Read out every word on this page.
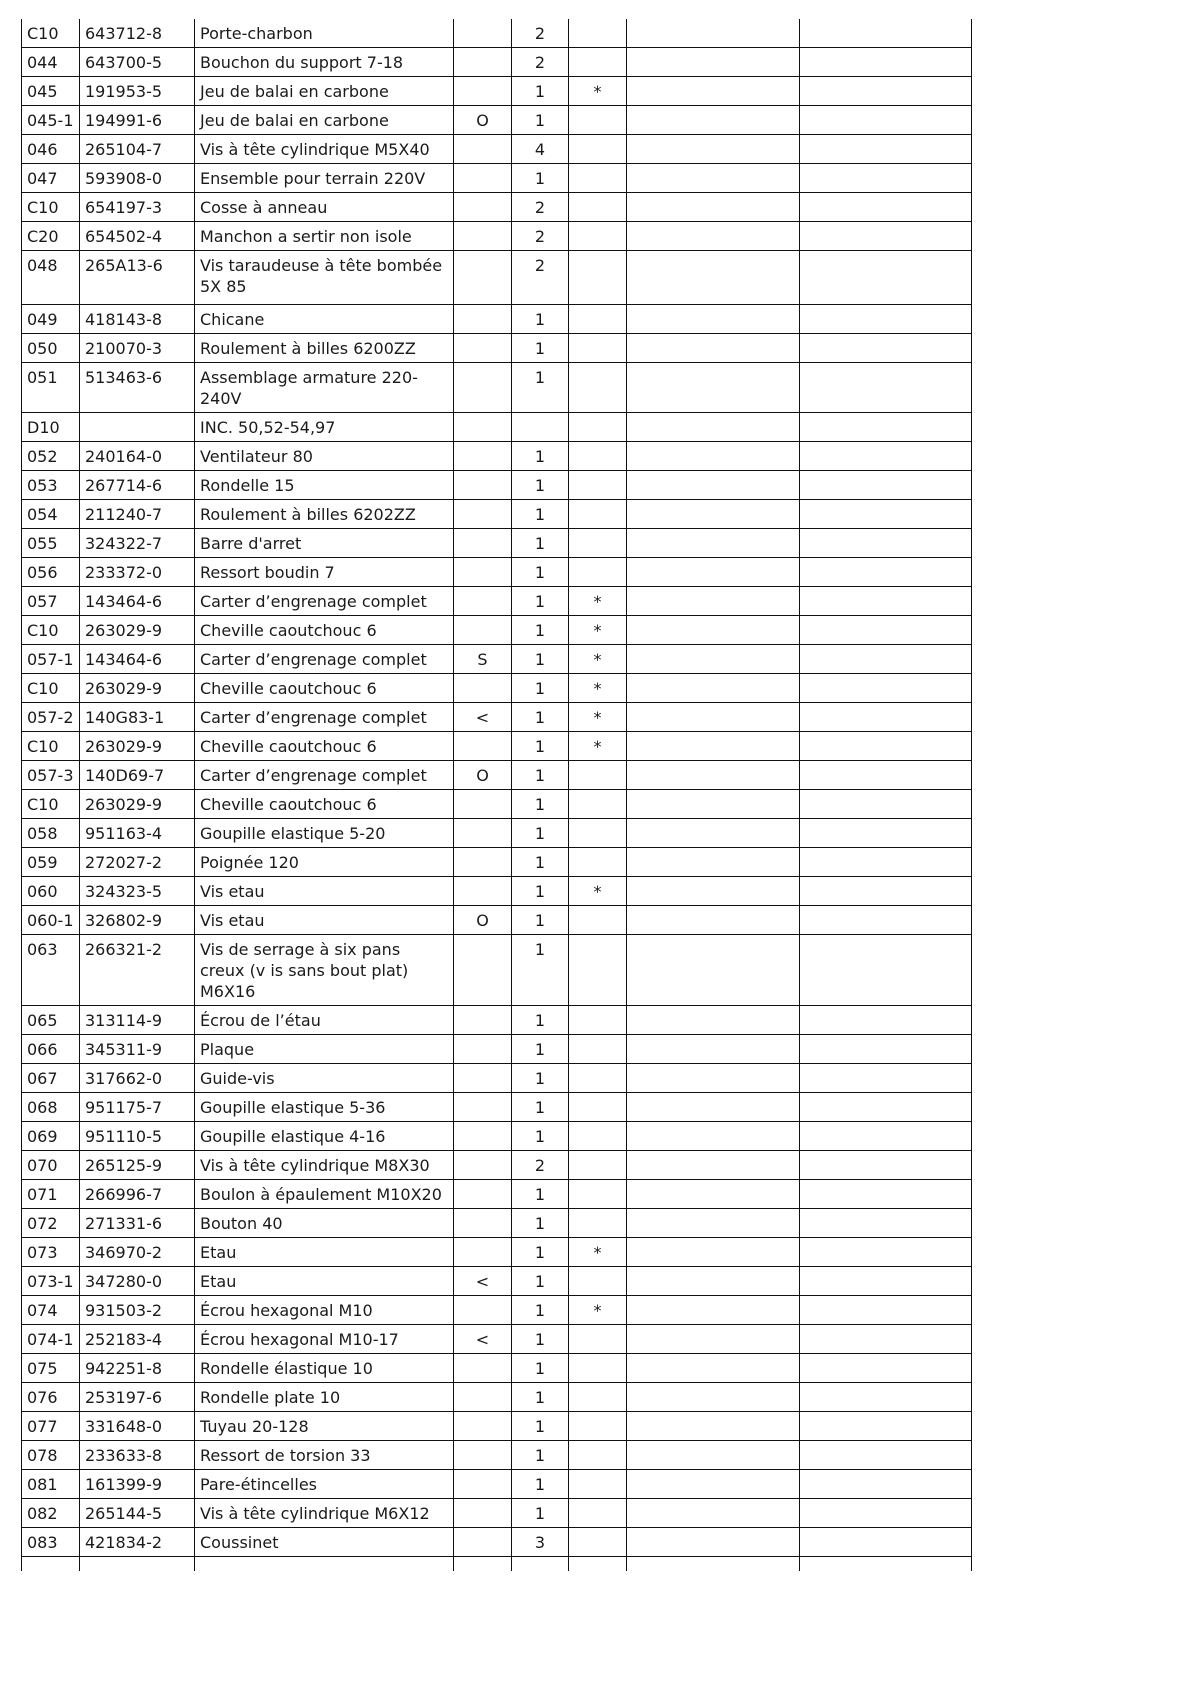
C10	643712-8	Porte-charbon		2			
044	643700-5	Bouchon du support 7-18		2			
045	191953-5	Jeu de balai en carbone		1	*		
045-1	194991-6	Jeu de balai en carbone	O	1			
046	265104-7	Vis à tête cylindrique M5X40		4			
047	593908-0	Ensemble pour terrain 220V		1			
C10	654197-3	Cosse à anneau		2			
C20	654502-4	Manchon a sertir non isole		2			
048	265A13-6	Vis taraudeuse à tête bombée 5X 85		2			
049	418143-8	Chicane		1			
050	210070-3	Roulement à billes 6200ZZ		1			
051	513463-6	Assemblage armature 220-240V		1			
D10		INC. 50,52-54,97					
052	240164-0	Ventilateur 80		1			
053	267714-6	Rondelle 15		1			
054	211240-7	Roulement à billes 6202ZZ		1			
055	324322-7	Barre d'arret		1			
056	233372-0	Ressort boudin 7		1			
057	143464-6	Carter d’engrenage complet		1	*		
C10	263029-9	Cheville caoutchouc 6		1	*		
057-1	143464-6	Carter d’engrenage complet	S	1	*		
C10	263029-9	Cheville caoutchouc 6		1	*		
057-2	140G83-1	Carter d’engrenage complet	<	1	*		
C10	263029-9	Cheville caoutchouc 6		1	*		
057-3	140D69-7	Carter d’engrenage complet	O	1			
C10	263029-9	Cheville caoutchouc 6		1			
058	951163-4	Goupille elastique 5-20		1			
059	272027-2	Poignée 120		1			
060	324323-5	Vis etau		1	*		
060-1	326802-9	Vis etau	O	1			
063	266321-2	Vis de serrage à six pans creux (v is sans bout plat) M6X16		1			
065	313114-9	Écrou de l’étau		1			
066	345311-9	Plaque		1			
067	317662-0	Guide-vis		1			
068	951175-7	Goupille elastique 5-36		1			
069	951110-5	Goupille elastique 4-16		1			
070	265125-9	Vis à tête cylindrique M8X30		2			
071	266996-7	Boulon à épaulement M10X20		1			
072	271331-6	Bouton 40		1			
073	346970-2	Etau		1	*		
073-1	347280-0	Etau	<	1			
074	931503-2	Écrou hexagonal M10		1	*		
074-1	252183-4	Écrou hexagonal M10-17	<	1			
075	942251-8	Rondelle élastique 10		1			
076	253197-6	Rondelle plate 10		1			
077	331648-0	Tuyau 20-128		1			
078	233633-8	Ressort de torsion 33		1			
081	161399-9	Pare-étincelles		1			
082	265144-5	Vis à tête cylindrique M6X12		1			
083	421834-2	Coussinet		3			
